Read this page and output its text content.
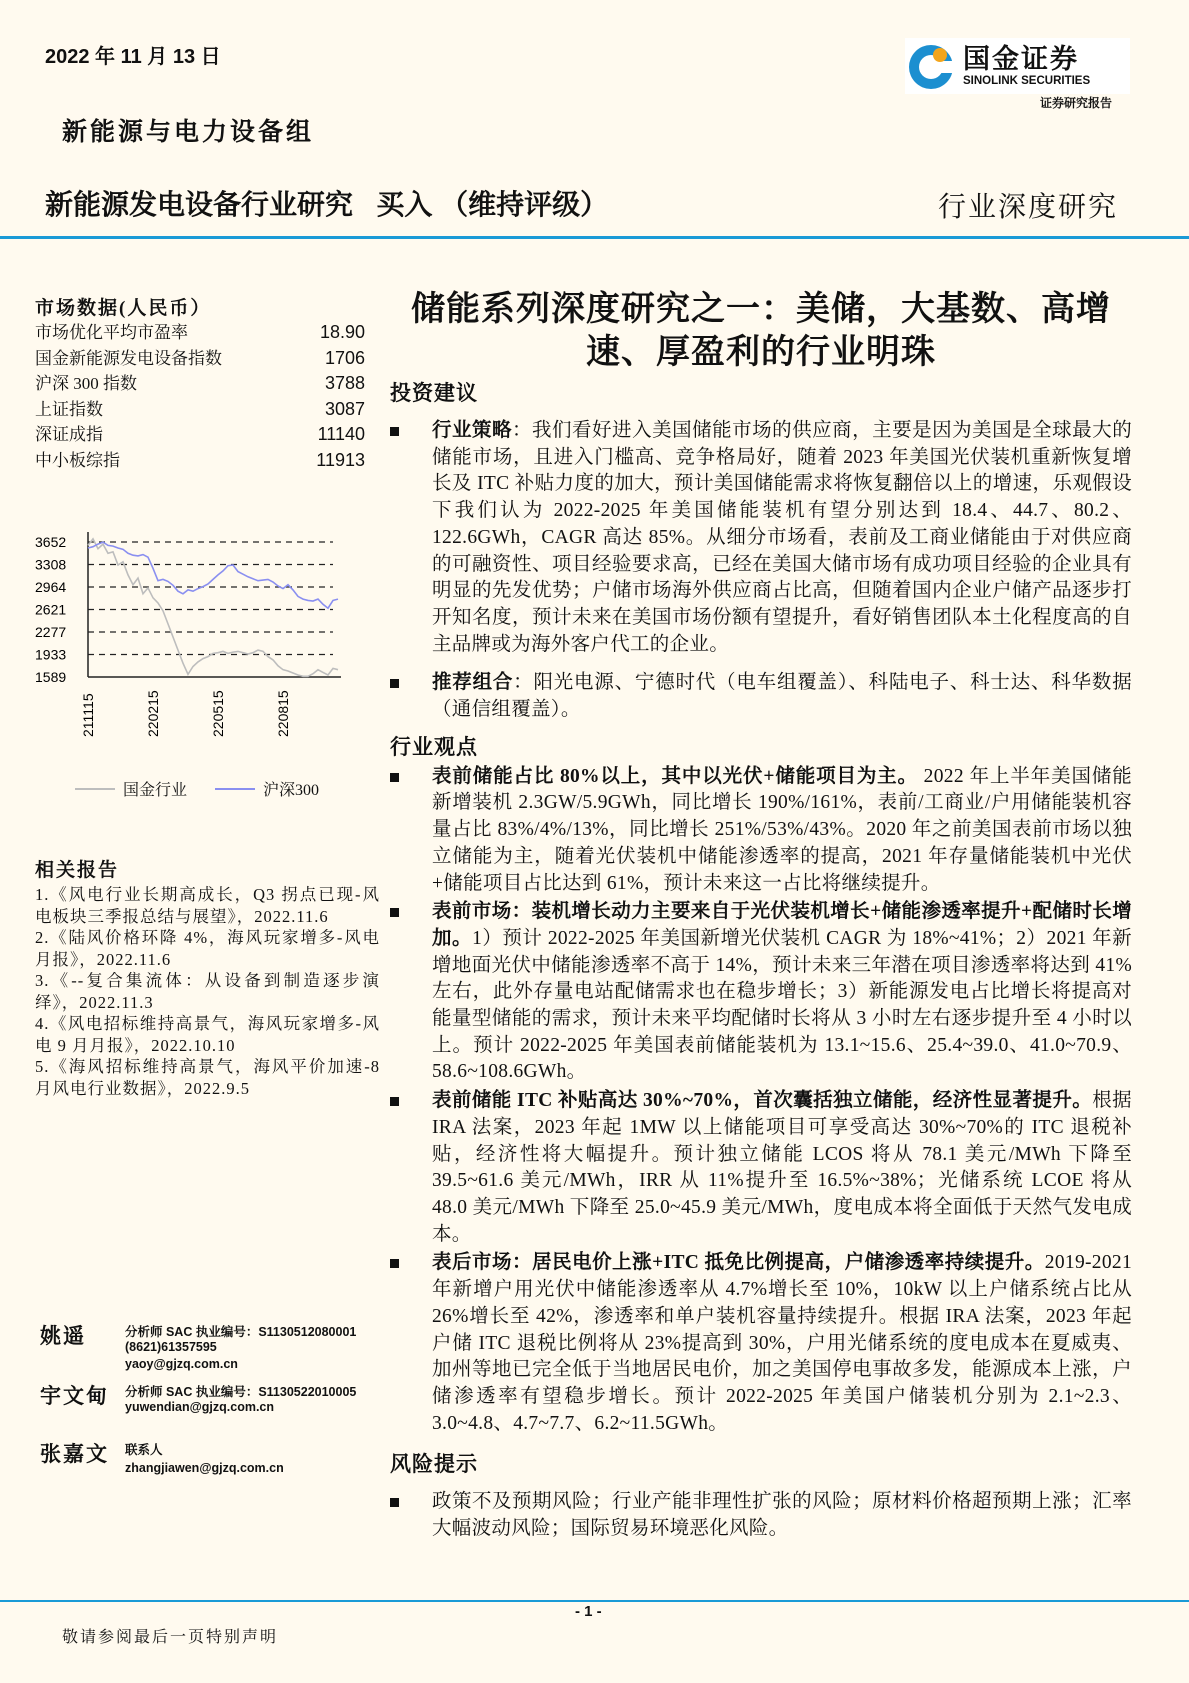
2022 年 11 月 13 日	国金证券
SINOLINK SECURITIES
证券研究报告
新能源与电力设备组
新能源发电设备行业研究   买入 （维持评级）	行业深度研究
市场数据(人民币）
市场优化平均市盈率	18.90
国金新能源发电设备指数	1706
沪深 300 指数	3788
上证指数	3087
深证成指	11140
中小板综指	11913
国金行业	沪深300
3652
3308
2964
2621
2277
1933
1589
211115	220215	220515	220815
相关报告
1.《风电行业长期高成长，Q3 拐点已现-风电板块三季报总结与展望》，2022.11.6
2.《陆风价格环降 4%，海风玩家增多-风电月报》，2022.11.6
3.《--复合集流体：从设备到制造逐步演绎》，2022.11.3
4.《风电招标维持高景气，海风玩家增多-风电 9 月月报》，2022.10.10
5.《海风招标维持高景气，海风平价加速-8 月风电行业数据》，2022.9.5
姚遥	分析师 SAC 执业编号：S1130512080001
(8621)61357595
yaoy@gjzq.com.cn
宇文甸	分析师 SAC 执业编号：S1130522010005
yuwendian@gjzq.com.cn
张嘉文	联系人
zhangjiawen@gjzq.com.cn
储能系列深度研究之一：美储，大基数、高增
速、厚盈利的行业明珠
投资建议
行业策略：我们看好进入美国储能市场的供应商，主要是因为美国是全球最大的储能市场，且进入门槛高、竞争格局好，随着 2023 年美国光伏装机重新恢复增长及 ITC 补贴力度的加大，预计美国储能需求将恢复翻倍以上的增速，乐观假设下我们认为 2022-2025 年美国储能装机有望分别达到 18.4、44.7、80.2、122.6GWh，CAGR 高达 85%。从细分市场看，表前及工商业储能由于对供应商的可融资性、项目经验要求高，已经在美国大储市场有成功项目经验的企业具有明显的先发优势；户储市场海外供应商占比高，但随着国内企业户储产品逐步打开知名度，预计未来在美国市场份额有望提升，看好销售团队本土化程度高的自主品牌或为海外客户代工的企业。
推荐组合：阳光电源、宁德时代（电车组覆盖）、科陆电子、科士达、科华数据（通信组覆盖）。
行业观点
表前储能占比 80%以上，其中以光伏+储能项目为主。 2022 年上半年美国储能新增装机 2.3GW/5.9GWh，同比增长 190%/161%，表前/工商业/户用储能装机容量占比 83%/4%/13%，同比增长 251%/53%/43%。2020 年之前美国表前市场以独立储能为主，随着光伏装机中储能渗透率的提高，2021 年存量储能装机中光伏+储能项目占比达到 61%，预计未来这一占比将继续提升。
表前市场：装机增长动力主要来自于光伏装机增长+储能渗透率提升+配储时长增加。1）预计 2022-2025 年美国新增光伏装机 CAGR 为 18%~41%；2）2021 年新增地面光伏中储能渗透率不高于 14%，预计未来三年潜在项目渗透率将达到 41%左右，此外存量电站配储需求也在稳步增长；3）新能源发电占比增长将提高对能量型储能的需求，预计未来平均配储时长将从 3 小时左右逐步提升至 4 小时以上。预计 2022-2025 年美国表前储能装机为 13.1~15.6、25.4~39.0、41.0~70.9、58.6~108.6GWh。
表前储能 ITC 补贴高达 30%~70%，首次囊括独立储能，经济性显著提升。根据 IRA 法案，2023 年起 1MW 以上储能项目可享受高达 30%~70%的 ITC 退税补贴，经济性将大幅提升。预计独立储能 LCOS 将从 78.1 美元/MWh 下降至 39.5~61.6 美元/MWh，IRR 从 11%提升至 16.5%~38%；光储系统 LCOE 将从 48.0 美元/MWh 下降至 25.0~45.9 美元/MWh，度电成本将全面低于天然气发电成本。
表后市场：居民电价上涨+ITC 抵免比例提高，户储渗透率持续提升。2019-2021 年新增户用光伏中储能渗透率从 4.7%增长至 10%，10kW 以上户储系统占比从 26%增长至 42%，渗透率和单户装机容量持续提升。根据 IRA 法案，2023 年起户储 ITC 退税比例将从 23%提高到 30%，户用光储系统的度电成本在夏威夷、加州等地已完全低于当地居民电价，加之美国停电事故多发，能源成本上涨，户储渗透率有望稳步增长。预计 2022-2025 年美国户储装机分别为 2.1~2.3、3.0~4.8、4.7~7.7、6.2~11.5GWh。
风险提示
政策不及预期风险；行业产能非理性扩张的风险；原材料价格超预期上涨；汇率大幅波动风险；国际贸易环境恶化风险。
- 1 -
敬请参阅最后一页特别声明
